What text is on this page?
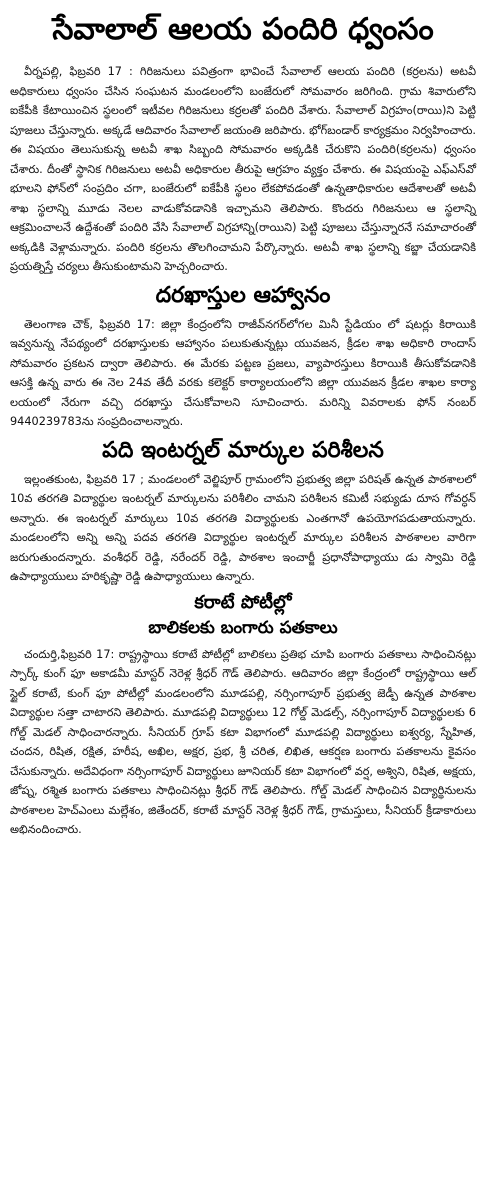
సేవాలాల్ ఆలయ పందిరి ధ్వంసం

వీర్నపల్లి, ఫిబ్రవరి 17 : గిరిజనులు పవిత్రంగా భావించే సేవాలాల్ ఆలయ పందిరి (కర్రలను) అటవీ అధికారులు ధ్వంసం చేసిన సంఘటన మండలంలోని బంజేరులో సోమవారం జరిగింది. గ్రామ శివారులోని ఐకేపీకి కేటాయించిన స్థలంలో ఇటీవల గిరిజనులు కర్రలతో పందిరి వేశారు. సేవాలాల్ విగ్రహం(రాయి)ని పెట్టి పూజలు చేస్తున్నారు. అక్కడే ఆదివారం సేవాలాల్ జయంతి జరిపారు. భోగ్‌బండార్ కార్యక్రమం నిర్వహించారు. ఈ విషయం తెలుసుకున్న అటవీ శాఖ సిబ్బంది సోమవారం అక్కడికి చేరుకొని పందిరి(కర్రలను) ధ్వంసం చేశారు. దీంతో స్థానిక గిరిజనులు అటవీ అధికారుల తీరుపై ఆగ్రహం వ్యక్తం చేశారు. ఈ విషయంపై ఎఫ్‌ఎస్‌వో భూలని ఫోన్‌లో సంప్రదిం చగా, బంజేరులో ఐకేపీకి స్థలం లేకపోవడంతో ఉన్నతాధికారుల ఆదేశాలతో అటవీ శాఖ స్థలాన్ని మూడు నెలల వాడుకోవడానికి ఇచ్చామని తెలిపారు. కొందరు గిరిజనులు ఆ స్థలాన్ని ఆక్రమించాలనే ఉద్దేశంతో పందిరి వేసి సేవాలాల్ విగ్రహాన్ని(రాయిని) పెట్టి పూజలు చేస్తున్నారనే సమాచారంతో అక్కడికి వెళ్లామన్నారు. పందిరి కర్రలను తొలగించామని పేర్కొన్నారు. అటవీ శాఖ స్థలాన్ని కబ్జా చేయడానికి ప్రయత్నిస్తే చర్యలు తీసుకుంటామని హెచ్చరించారు.

దరఖాస్తుల ఆహ్వానం

తెలంగాణ చౌక్, ఫిబ్రవరి 17: జిల్లా కేంద్రంలోని రాజీవ్‌నగర్‌లోగల మినీ స్టేడియం లో షటర్లు కిరాయికి ఇవ్వనున్న నేపథ్యంలో దరఖాస్తులకు ఆహ్వానం పలుకుతున్నట్లు యువజన, క్రీడల శాఖ అధికారి రాందాస్ సోమవారం ప్రకటన ద్వారా తెలిపారు. ఈ మేరకు పట్టణ ప్రజలు, వ్యాపారస్తులు కిరాయికి తీసుకోవడానికి ఆసక్తి ఉన్న వారు ఈ నెల 24వ తేదీ వరకు కలెక్టర్ కార్యాలయంలోని జిల్లా యువజన క్రీడల శాఖల కార్యా లయంలో నేరుగా వచ్చి దరఖాస్తు చేసుకోవాలని సూచించారు. మరిన్ని వివరాలకు ఫోన్ నంబర్ 9440239783ను సంప్రదించాలన్నారు.

పది ఇంటర్నల్ మార్కుల పరిశీలన

ఇల్లంతకుంట, ఫిబ్రవరి 17 ; మండలంలో వెల్జిపూర్ గ్రామంలోని ప్రభుత్వ జిల్లా పరిషత్ ఉన్నత పాఠశాలలో 10వ తరగతి విద్యార్థుల ఇంటర్నల్ మార్కులను పరిశీలిం చామని పరిశీలన కమిటీ సభ్యుడు దూస గోవర్ధన్ అన్నారు. ఈ ఇంటర్నల్ మార్కులు 10వ తరగతి విద్యార్థులకు ఎంతగానో ఉపయోగపడుతాయన్నారు. మండలంలోని అన్ని అన్ని పదవ తరగతి విద్యార్థుల ఇంటర్నల్ మార్కుల పరిశీలన పాఠశాలల వారిగా జరుగుతుందన్నారు. వంశీధర్ రెడ్డి, నరేందర్ రెడ్డి, పాఠశాల ఇంచార్జీ ప్రధానోపాధ్యాయు డు స్వామి రెడ్డి ఉపాధ్యాయులు హరికృష్ణా రెడ్డి ఉపాధ్యాయులు ఉన్నారు.

కరాటే పోటీల్లో
బాలికలకు బంగారు పతకాలు

చందుర్తి,ఫిబ్రవరి 17: రాష్ట్రస్థాయి కరాటే పోటీల్లో బాలికలు ప్రతిభ చూపి బంగారు పతకాలు సాధించినట్లు స్పార్క్ కుంగ్ ఫూ అకాడమీ మాస్టర్ నెరెళ్ల శ్రీధర్ గౌడ్ తెలిపారు. ఆదివారం జిల్లా కేంద్రంలో రాష్ట్రస్థాయి ఆల్ స్టైల్ కరాటే, కుంగ్ ఫూ పోటీల్లో మండలంలోని మూడపల్లి, నర్సింగాపూర్ ప్రభుత్వ జెడ్పీ ఉన్నత పాఠశాల విద్యార్థుల సత్తా చాటారని తెలిపారు. మూడపల్లి విద్యార్థులు 12 గోల్డ్ మెడల్స్, నర్సింగాపూర్ విద్యార్థులకు 6 గోల్డ్ మెడల్ సాధించారన్నారు. సీనియర్ గ్రూప్ కటా విభాగంలో మూడపల్లి విద్యార్థులు ఐశ్వర్య, స్నేహిత, చందన, రిషిత, రక్షిత, హరీష, అఖిల, అక్షర, ప్రభ, శ్రీ చరిత, లిఖిత, ఆకర్షణ బంగారు పతకాలను కైవసం చేసుకున్నారు. అదేవిధంగా నర్సింగాపూర్ విద్యార్థులు జూనియర్ కటా విభాగంలో వర్ష, అశ్విని, రిషిత, అక్షయ, జోష్న, రశ్మిత బంగారు పతకాలు సాధించినట్లు శ్రీధర్ గౌడ్ తెలిపారు. గోల్డ్ మెడల్ సాధించిన విద్యార్థినులను పాఠశాలల హెచ్‌ఎంలు మల్లేశం, జితేందర్, కరాటే మాస్టర్ నెరెళ్ల శ్రీధర్ గౌడ్, గ్రామస్తులు, సీనియర్ క్రీడాకారులు అభినందించారు.
